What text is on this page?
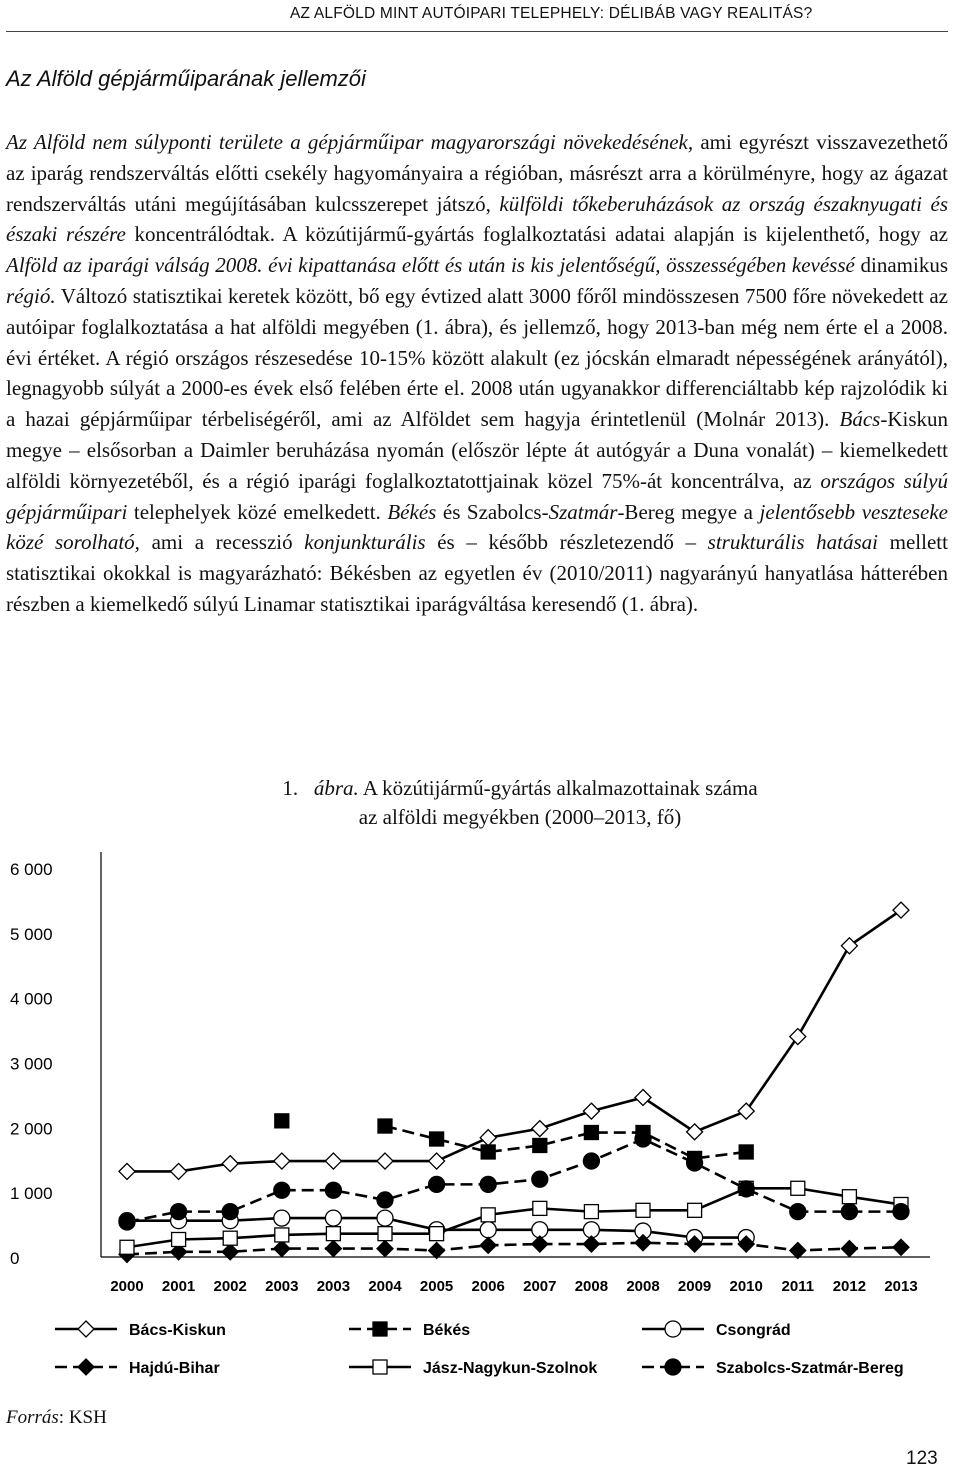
AZ ALFÖLD MINT AUTÓIPARI TELEPHELY: DÉLIBÁB VAGY REALITÁS?
Az Alföld gépjárműiparának jellemzői

Az Alföld nem súlyponti területe a gépjárműipar magyarországi növekedésének, ami egyrészt visszavezethető az iparág rendszerváltás előtti csekély hagyományaira a régióban, másrészt arra a körülményre, hogy az ágazat rendszerváltás utáni megújításában kulcsszerepet játszó, külföldi tőkeberuházások az ország északnyugati és északi részére koncentrálódtak. A közútijármű-gyártás foglalkoztatási adatai alapján is kijelenthető, hogy az Alföld az iparági válság 2008. évi kipattanása előtt és után is kis jelentőségű, összességében kevéssé dinamikus régió. Változó statisztikai keretek között, bő egy évtized alatt 3000 főről mindösszesen 7500 főre növekedett az autóipar foglalkoztatása a hat alföldi megyében (1. ábra), és jellemző, hogy 2013-ban még nem érte el a 2008. évi értéket. A régió országos részesedése 10-15% között alakult (ez jócskán elmaradt népességének arányától), legnagyobb súlyát a 2000-es évek első felében érte el. 2008 után ugyanakkor differenciáltabb kép rajzolódik ki a hazai gépjárműipar térbeliségéről, ami az Alföldet sem hagyja érintetlenül (Molnár 2013). Bács-Kiskun megye – elsősorban a Daimler beruházása nyomán (először lépte át autógyár a Duna vonalát) – kiemelkedett alföldi környezetéből, és a régió iparági foglalkoztatottjainak közel 75%-át koncentrálva, az országos súlyú gépjárműipari telephelyek közé emelkedett. Békés és Szabolcs-Szatmár-Bereg megye a jelentősebb veszteseke közé sorolható, ami a recesszió konjunkturális és – később részletezendő – strukturális hatásai mellett statisztikai okokkal is magyarázható: Békésben az egyetlen év (2010/2011) nagyarányú hanyatlása hátterében részben a kiemelkedő súlyú Linamar statisztikai iparágváltása keresendő (1. ábra).

1. ábra. A közútijármű-gyártás alkalmazottainak száma
az alföldi megyékben (2000–2013, fő)

0
1 000
2 000
3 000
4 000
5 000
6 000
2000 2001 2002 2003 2003 2004 2005 2006 2007 2008 2008 2009 2010 2011 2012 2013
Bács-Kiskun	Békés	Csongrád
Hajdú-Bihar	Jász-Nagykun-Szolnok	Szabolcs-Szatmár-Bereg

Forrás: KSH

123
